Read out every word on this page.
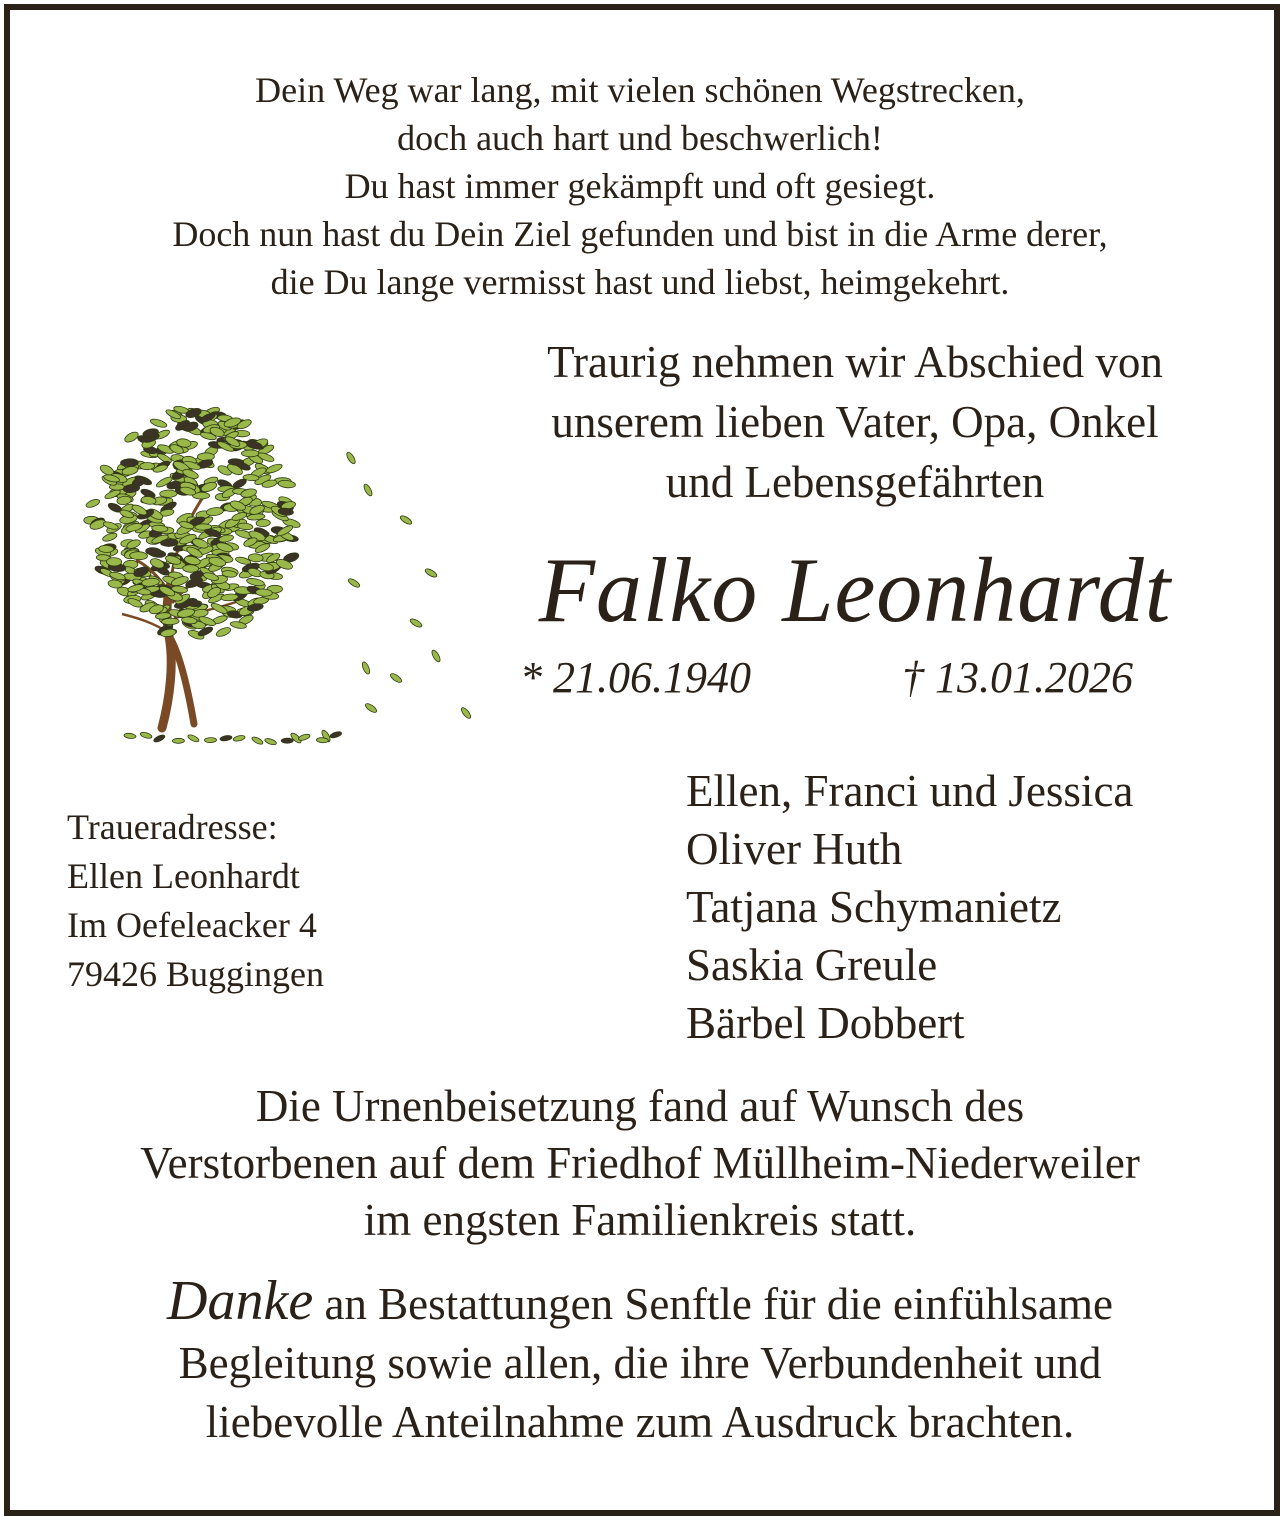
Dein Weg war lang, mit vielen schönen Wegstrecken,
doch auch hart und beschwerlich!
Du hast immer gekämpft und oft gesiegt.
Doch nun hast du Dein Ziel gefunden und bist in die Arme derer,
die Du lange vermisst hast und liebst, heimgekehrt.
Traurig nehmen wir Abschied von
unserem lieben Vater, Opa, Onkel
und Lebensgefährten
Falko Leonhardt
* 21.06.1940	† 13.01.2026
Traueradresse:
Ellen Leonhardt
Im Oefeleacker 4
79426 Buggingen
Ellen, Franci und Jessica
Oliver Huth
Tatjana Schymanietz
Saskia Greule
Bärbel Dobbert
Die Urnenbeisetzung fand auf Wunsch des
Verstorbenen auf dem Friedhof Müllheim-Niederweiler
im engsten Familienkreis statt.
Danke an Bestattungen Senftle für die einfühlsame
Begleitung sowie allen, die ihre Verbundenheit und
liebevolle Anteilnahme zum Ausdruck brachten.
